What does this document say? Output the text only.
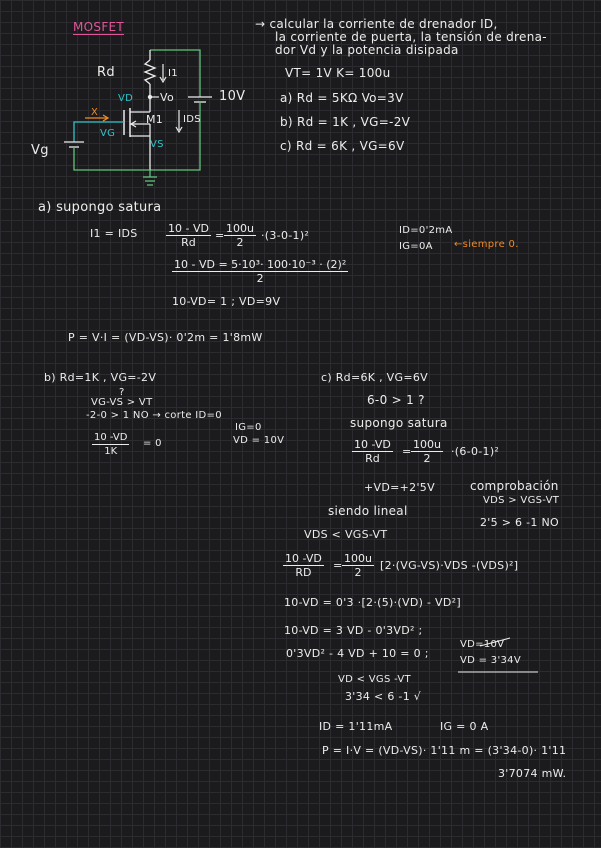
MOSFET
Rd	I1
VD Vo	10V
X
M1 IDS
VG
VS
Vg
→ calcular la corriente de drenador ID,
la corriente de puerta, la tensión de drena-
dor Vd y la potencia disipada
VT= 1V K= 100u
a) Rd = 5KΩ Vo=3V
b) Rd = 1K , VG=-2V
c) Rd = 6K , VG=6V
a) supongo satura
I1 = IDS	$\frac{10 - VD}{Rd} = \frac{100u}{2} \cdot(3-0-1)^2$
$\frac{\text{10 - VD = 5·10³· 100·10⁻³ · (2)²}}{2}$
10-VD= 1 ; VD=9V
ID=0'2mA
IG=0A ←siempre 0.
P = V·I = (VD-VS)· 0'2m = 1'8mW
b) Rd=1K , VG=-2V
?
VG-VS > VT
-2-0 > 1 NO → corte ID=0
IG=0
VD = 10V
$\frac{10 -VD}{1K} = 0$
c) Rd=6K , VG=6V
6-0 > 1 ?
supongo satura
$\frac{10 -VD}{Rd} = \frac{100u}{2} \cdot(6-0-1)^2$
+VD=+2'5V	comprobación
VDS > VGS-VT
2'5 > 6 -1 NO
siendo lineal
VDS < VGS-VT
$\frac{10 -VD}{RD} = \frac{100u}{2} [2\cdot(VG-VS)\cdot VDS$ -(VDS)²]
10-VD = 0'3 ·[2·(5)·(VD) - VD²]
10-VD = 3 VD - 0'3VD² ;
0'3VD² - 4 VD + 10 = 0 ;
VD=10V
VD = 3'34V
VD < VGS -VT
3'34 < 6 -1 √
ID = 1'11mA	IG = 0 A
P = I·V = (VD-VS)· 1'11 m = (3'34-0)· 1'11
3'7074 mW.
